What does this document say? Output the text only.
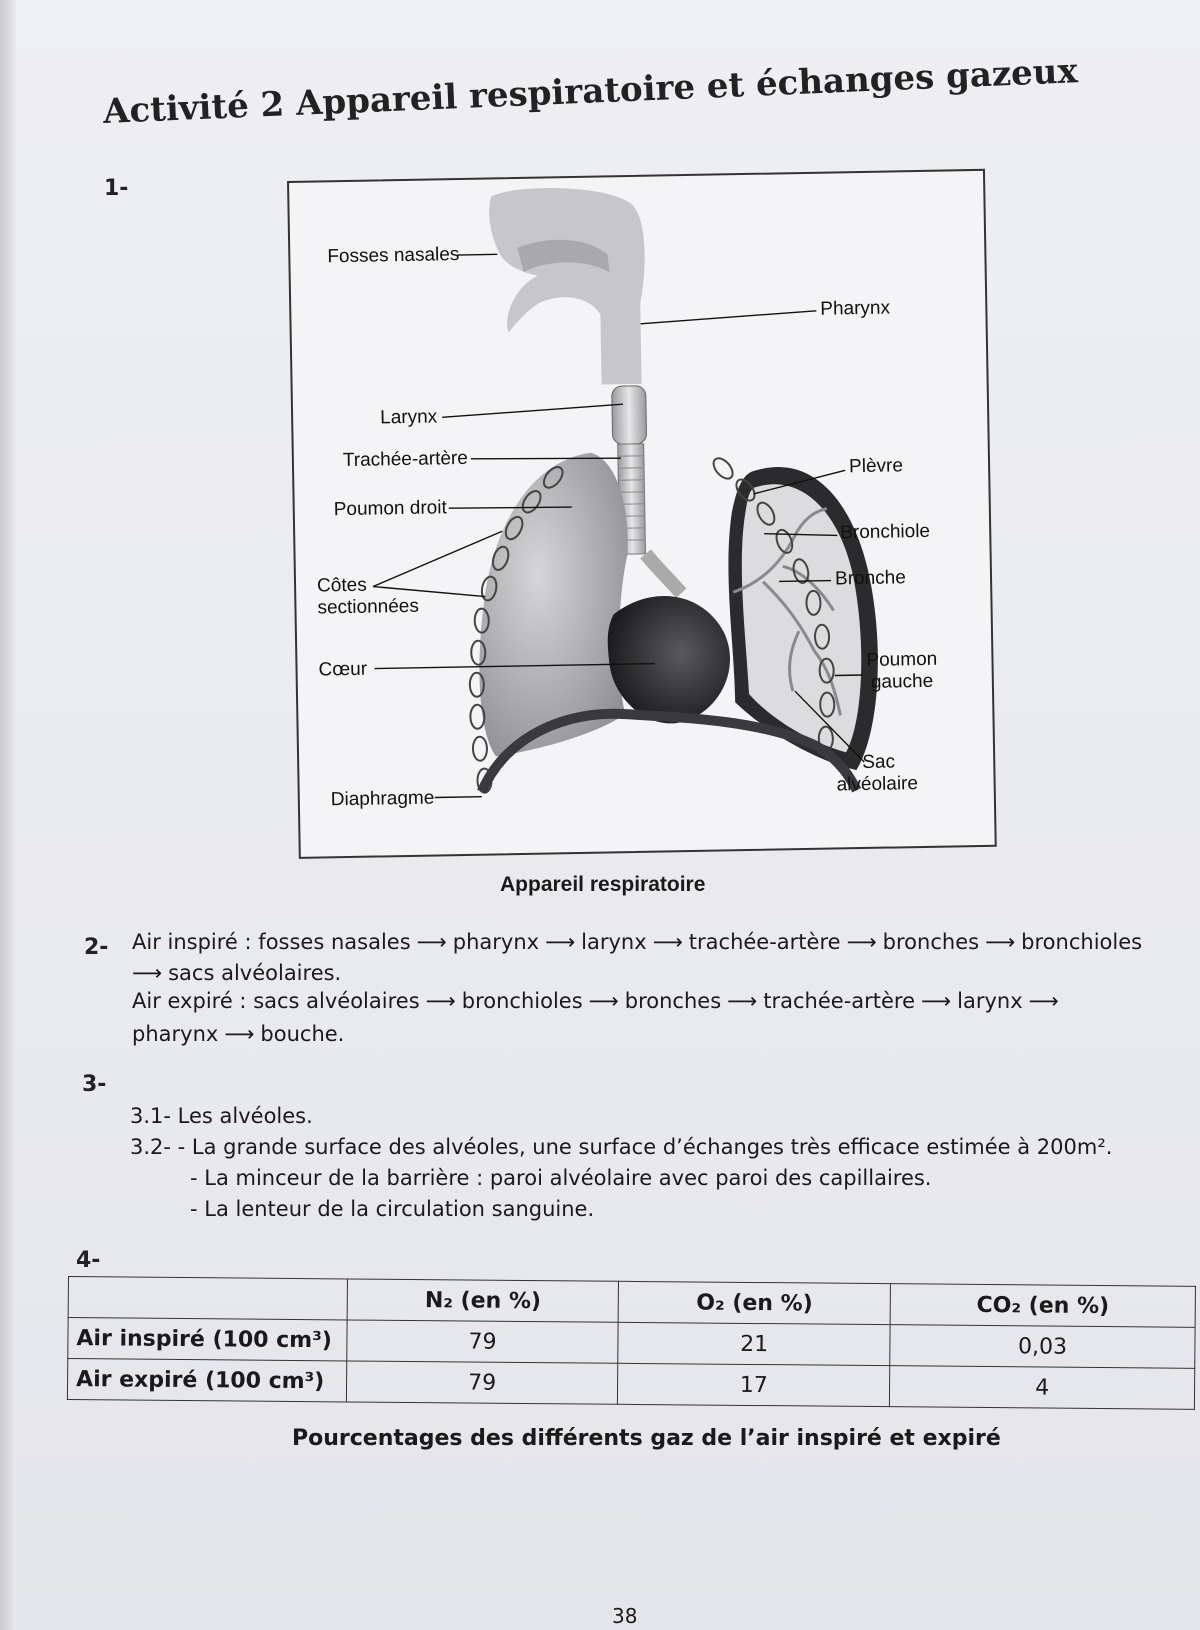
Activité 2 Appareil respiratoire et échanges gazeux
1-
Fosses nasales
Pharynx
Larynx
Trachée-artère	Plèvre
Poumon droit
Bronchiole
Côtes
sectionnées
Bronche
Cœur	Poumon
gauche
Sac
alvéolaire
Diaphragme
Appareil respiratoire
2- Air inspiré : fosses nasales ⟶ pharynx ⟶ larynx ⟶ trachée-artère ⟶ bronches ⟶ bronchioles
⟶ sacs alvéolaires.
Air expiré : sacs alvéolaires ⟶ bronchioles ⟶ bronches ⟶ trachée-artère ⟶ larynx ⟶
pharynx ⟶ bouche.
3-
3.1- Les alvéoles.
3.2- - La grande surface des alvéoles, une surface d’échanges très efficace estimée à 200m².
- La minceur de la barrière : paroi alvéolaire avec paroi des capillaires.
- La lenteur de la circulation sanguine.
4-
	N₂ (en %)	O₂ (en %)	CO₂ (en %)
Air inspiré (100 cm³)	79	21	0,03
Air expiré (100 cm³)	79	17	4
Pourcentages des différents gaz de l’air inspiré et expiré
38
